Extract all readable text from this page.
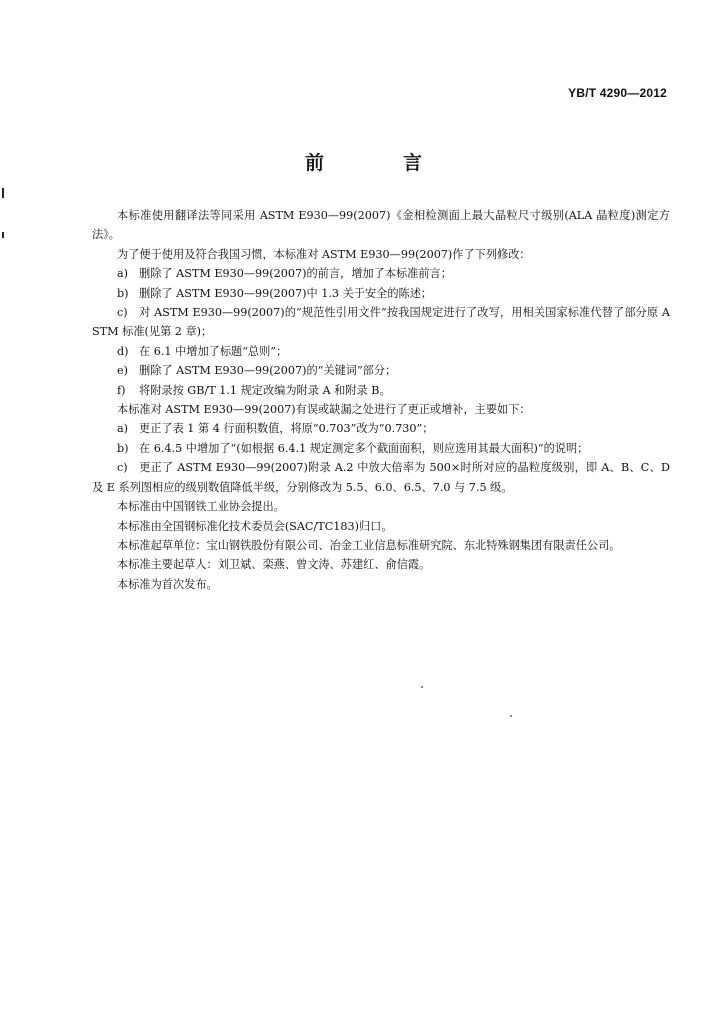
YB/T 4290—2012
前　言

本标准使用翻译法等同采用 ASTM E930—99(2007)《金相检测面上最大晶粒尺寸级别(ALA 晶粒度)测定方法》。

为了便于使用及符合我国习惯，本标准对 ASTM E930—99(2007)作了下列修改：

a) 删除了 ASTM E930—99(2007)的前言，增加了本标准前言；

b) 删除了 ASTM E930—99(2007)中 1.3 关于安全的陈述；

c) 对 ASTM E930—99(2007)的“规范性引用文件”按我国规定进行了改写，用相关国家标准代替了部分原 ASTM 标准(见第 2 章)；

d) 在 6.1 中增加了标题“总则”；

e) 删除了 ASTM E930—99(2007)的“关键词”部分；

f) 将附录按 GB/T 1.1 规定改编为附录 A 和附录 B。

本标准对 ASTM E930—99(2007)有误或缺漏之处进行了更正或增补，主要如下：

a) 更正了表 1 第 4 行面积数值，将原“0.703”改为“0.730”；

b) 在 6.4.5 中增加了“(如根据 6.4.1 规定测定多个截面面积，则应选用其最大面积)”的说明；

c) 更正了 ASTM E930—99(2007)附录 A.2 中放大倍率为 500×时所对应的晶粒度级别，即 A、B、C、D 及 E 系列图相应的级别数值降低半级，分别修改为 5.5、6.0、6.5、7.0 与 7.5 级。

本标准由中国钢铁工业协会提出。

本标准由全国钢标准化技术委员会(SAC/TC183)归口。

本标准起草单位：宝山钢铁股份有限公司、冶金工业信息标准研究院、东北特殊钢集团有限责任公司。

本标准主要起草人：刘卫斌、栾燕、曾文涛、苏建红、俞信霞。

本标准为首次发布。
